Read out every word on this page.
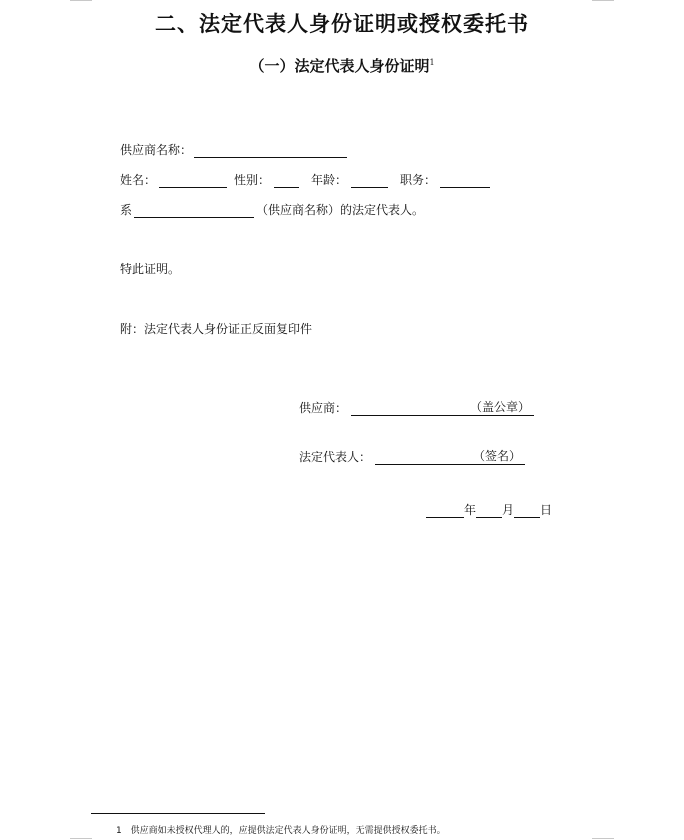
二、法定代表人身份证明或授权委托书
（一）法定代表人身份证明$^1$
供应商名称：
姓名：	性别：	年龄：	职务：
系	（供应商名称）的法定代表人。
特此证明。
附：法定代表人身份证正反面复印件
供应商：	（盖公章）
法定代表人：	（签名）
年 月 日
1 供应商如未授权代理人的，应提供法定代表人身份证明，无需提供授权委托书。
